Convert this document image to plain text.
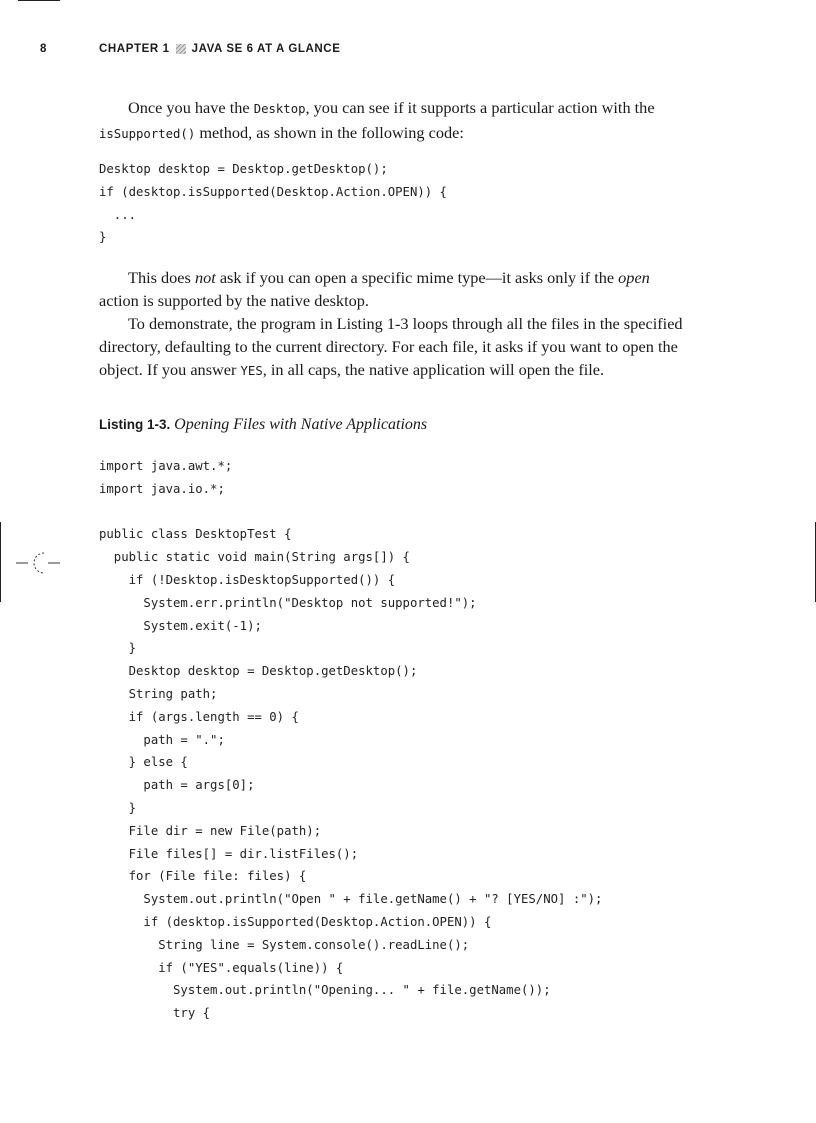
8	CHAPTER 1 JAVA SE 6 AT A GLANCE

Once you have the Desktop, you can see if it supports a particular action with the
isSupported() method, as shown in the following code:

Desktop desktop = Desktop.getDesktop();
if (desktop.isSupported(Desktop.Action.OPEN)) {
...
}

This does not ask if you can open a specific mime type—it asks only if the open
action is supported by the native desktop.

To demonstrate, the program in Listing 1-3 loops through all the files in the specified directory, defaulting to the current directory. For each file, it asks if you want to open the object. If you answer YES, in all caps, the native application will open the file.

Listing 1-3. Opening Files with Native Applications
import java.awt.*;
import java.io.*;

public class DesktopTest {
public static void main(String args[]) {
if (!Desktop.isDesktopSupported()) {
System.err.println("Desktop not supported!");
System.exit(-1);
}
Desktop desktop = Desktop.getDesktop();
String path;
if (args.length == 0) {
path = ".";
} else {
path = args[0];
}
File dir = new File(path);
File files[] = dir.listFiles();
for (File file: files) {
System.out.println("Open " + file.getName() + "? [YES/NO] :");
if (desktop.isSupported(Desktop.Action.OPEN)) {
String line = System.console().readLine();
if ("YES".equals(line)) {
System.out.println("Opening... " + file.getName());
try {
